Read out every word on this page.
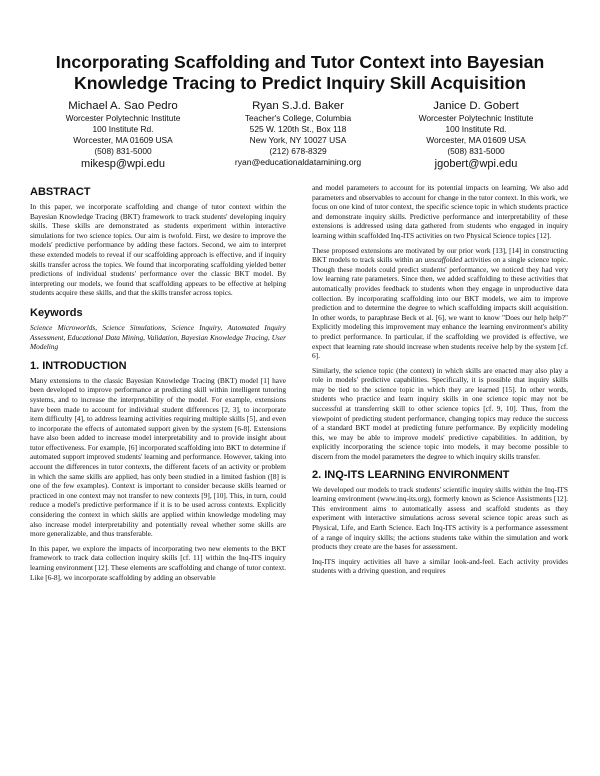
Incorporating Scaffolding and Tutor Context into Bayesian
Knowledge Tracing to Predict Inquiry Skill Acquisition
Michael A. Sao Pedro
Worcester Polytechnic Institute
100 Institute Rd.
Worcester, MA 01609 USA
(508) 831-5000
mikesp@wpi.edu
Ryan S.J.d. Baker
Teacher's College, Columbia
525 W. 120th St., Box 118
New York, NY 10027 USA
(212) 678-8329
ryan@educationaldatamining.org
Janice D. Gobert
Worcester Polytechnic Institute
100 Institute Rd.
Worcester, MA 01609 USA
(508) 831-5000
jgobert@wpi.edu
ABSTRACT

In this paper, we incorporate scaffolding and change of tutor context within the Bayesian Knowledge Tracing (BKT) framework to track students' developing inquiry skills. These skills are demonstrated as students experiment within interactive simulations for two science topics. Our aim is twofold. First, we desire to improve the models' predictive performance by adding these factors. Second, we aim to interpret these extended models to reveal if our scaffolding approach is effective, and if inquiry skills transfer across the topics. We found that incorporating scaffolding yielded better predictions of individual students' performance over the classic BKT model. By interpreting our models, we found that scaffolding appears to be effective at helping students acquire these skills, and that the skills transfer across topics.

Keywords

Science Microworlds, Science Simulations, Science Inquiry, Automated Inquiry Assessment, Educational Data Mining, Validation, Bayesian Knowledge Tracing, User Modeling

1. INTRODUCTION

Many extensions to the classic Bayesian Knowledge Tracing (BKT) model [1] have been developed to improve performance at predicting skill within intelligent tutoring systems, and to increase the interpretability of the model. For example, extensions have been made to account for individual student differences [2, 3], to incorporate item difficulty [4], to address learning activities requiring multiple skills [5], and even to incorporate the effects of automated support given by the system [6-8]. Extensions have also been added to increase model interpretability and to provide insight about tutor effectiveness. For example, [6] incorporated scaffolding into BKT to determine if automated support improved students' learning and performance. However, taking into account the differences in tutor contexts, the different facets of an activity or problem in which the same skills are applied, has only been studied in a limited fashion ([8] is one of the few examples). Context is important to consider because skills learned or practiced in one context may not transfer to new contexts [9], [10]. This, in turn, could reduce a model's predictive performance if it is to be used across contexts. Explicitly considering the context in which skills are applied within knowledge modeling may also increase model interpretability and potentially reveal whether some skills are more generalizable, and thus transferable.

In this paper, we explore the impacts of incorporating two new elements to the BKT framework to track data collection inquiry skills [cf. 11] within the Inq-ITS inquiry learning environment [12]. These elements are scaffolding and change of tutor context. Like [6-8], we incorporate scaffolding by adding an observable

and model parameters to account for its potential impacts on learning. We also add parameters and observables to account for change in the tutor context. In this work, we focus on one kind of tutor context, the specific science topic in which students practice and demonstrate inquiry skills. Predictive performance and interpretability of these extensions is addressed using data gathered from students who engaged in inquiry learning within scaffolded Inq-ITS activities on two Physical Science topics [12].

These proposed extensions are motivated by our prior work [13], [14] in constructing BKT models to track skills within an unscaffolded activities on a single science topic. Though these models could predict students' performance, we noticed they had very low learning rate parameters. Since then, we added scaffolding to these activities that automatically provides feedback to students when they engage in unproductive data collection. By incorporating scaffolding into our BKT models, we aim to improve prediction and to determine the degree to which scaffolding impacts skill acquisition. In other words, to paraphrase Beck et al. [6], we want to know "Does our help help?" Explicitly modeling this improvement may enhance the learning environment's ability to predict performance. In particular, if the scaffolding we provided is effective, we expect that learning rate should increase when students receive help by the system [cf. 6].

Similarly, the science topic (the context) in which skills are enacted may also play a role in models' predictive capabilities. Specifically, it is possible that inquiry skills may be tied to the science topic in which they are learned [15]. In other words, students who practice and learn inquiry skills in one science topic may not be successful at transferring skill to other science topics [cf. 9, 10]. Thus, from the viewpoint of predicting student performance, changing topics may reduce the success of a standard BKT model at predicting future performance. By explicitly modeling this, we may be able to improve models' predictive capabilities. In addition, by explicitly incorporating the science topic into models, it may become possible to discern from the model parameters the degree to which inquiry skills transfer.

2. INQ-ITS LEARNING ENVIRONMENT

We developed our models to track students' scientific inquiry skills within the Inq-ITS learning environment (www.inq-its.org), formerly known as Science Assistments [12]. This environment aims to automatically assess and scaffold students as they experiment with interactive simulations across several science topic areas such as Physical, Life, and Earth Science. Each Inq-ITS activity is a performance assessment of a range of inquiry skills; the actions students take within the simulation and work products they create are the bases for assessment.

Inq-ITS inquiry activities all have a similar look-and-feel. Each activity provides students with a driving question, and requires
